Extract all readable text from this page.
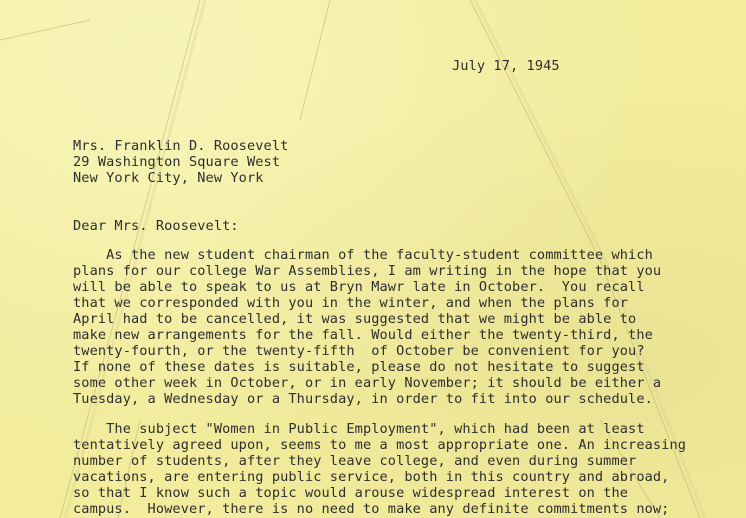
July 17, 1945
Mrs. Franklin D. Roosevelt
29 Washington Square West
New York City, New York
Dear Mrs. Roosevelt:
As the new student chairman of the faculty-student committee which
plans for our college War Assemblies, I am writing in the hope that you
will be able to speak to us at Bryn Mawr late in October.  You recall
that we corresponded with you in the winter, and when the plans for
April had to be cancelled, it was suggested that we might be able to
make new arrangements for the fall. Would either the twenty-third, the
twenty-fourth, or the twenty-fifth  of October be convenient for you?
If none of these dates is suitable, please do not hesitate to suggest
some other week in October, or in early November; it should be either a
Tuesday, a Wednesday or a Thursday, in order to fit into our schedule.
The subject "Women in Public Employment", which had been at least
tentatively agreed upon, seems to me a most appropriate one. An increasing
number of students, after they leave college, and even during summer
vacations, are entering public service, both in this country and abroad,
so that I know such a topic would arouse widespread interest on the
campus.  However, there is no need to make any definite commitments now;
